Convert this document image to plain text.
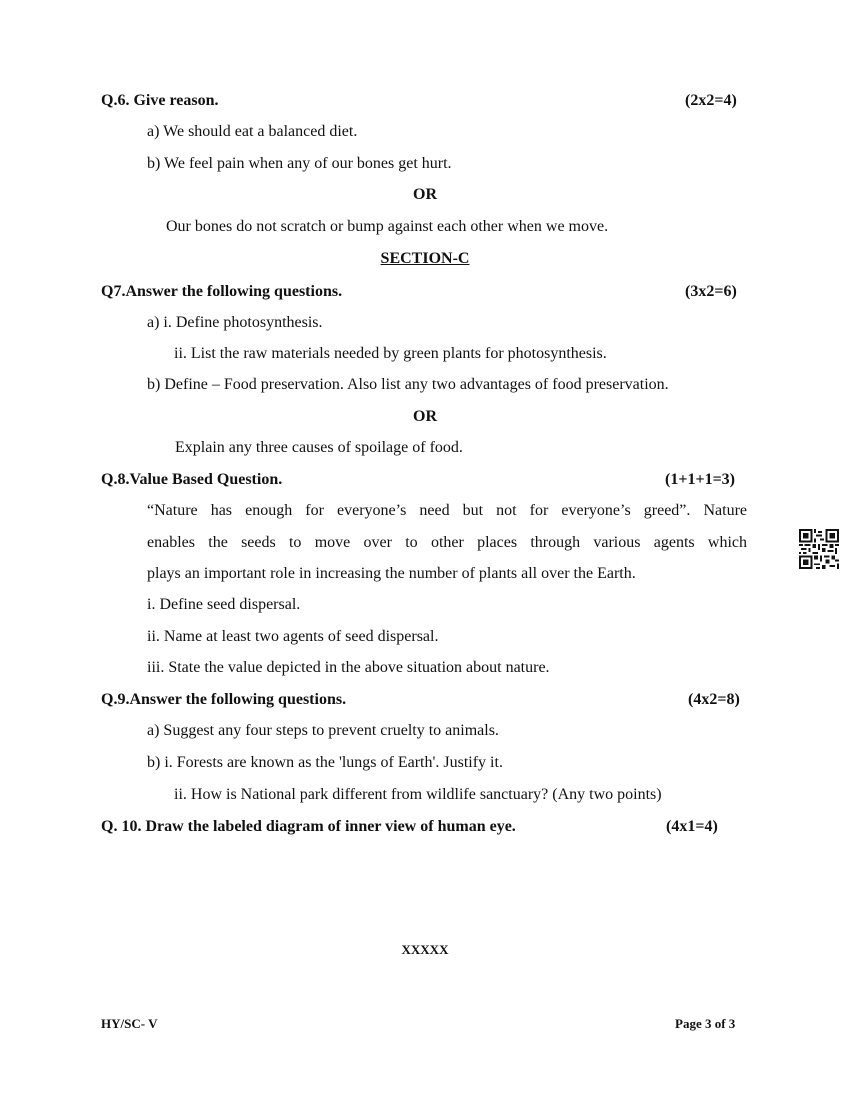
Q.6. Give reason.	(2x2=4)
a) We should eat a balanced diet.
b) We feel pain when any of our bones get hurt.
OR
Our bones do not scratch or bump against each other when we move.
SECTION-C
Q7.Answer the following questions.	(3x2=6)
a) i. Define photosynthesis.
ii. List the raw materials needed by green plants for photosynthesis.
b) Define – Food preservation. Also list any two advantages of food preservation.
OR
Explain any three causes of spoilage of food.
Q.8.Value Based Question.	(1+1+1=3)
“Nature has enough for everyone’s need but not for everyone’s greed”. Nature
enables the seeds to move over to other places through various agents which
plays an important role in increasing the number of plants all over the Earth.
i. Define seed dispersal.
ii. Name at least two agents of seed dispersal.
iii. State the value depicted in the above situation about nature.
Q.9.Answer the following questions.	(4x2=8)
a) Suggest any four steps to prevent cruelty to animals.
b) i. Forests are known as the 'lungs of Earth'. Justify it.
ii. How is National park different from wildlife sanctuary? (Any two points)
Q. 10. Draw the labeled diagram of inner view of human eye.	(4x1=4)
XXXXX
HY/SC- V	Page 3 of 3
